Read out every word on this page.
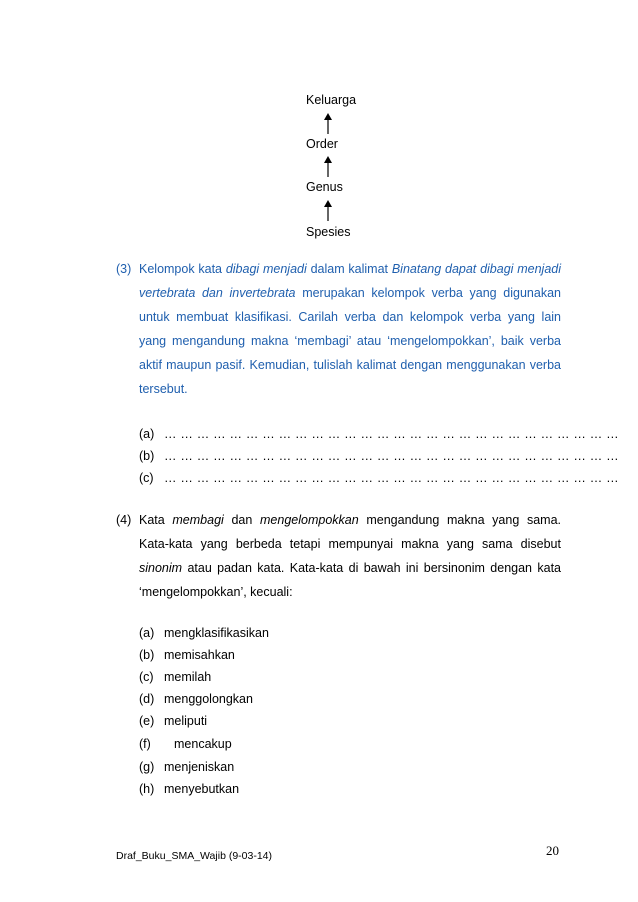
Keluarga
Order
Genus
Spesies
(3) Kelompok kata dibagi menjadi dalam kalimat Binatang dapat dibagi menjadi vertebrata dan invertebrata merupakan kelompok verba yang digunakan untuk membuat klasifikasi. Carilah verba dan kelompok verba yang lain yang mengandung makna ‘membagi’ atau ‘mengelompokkan’, baik verba aktif maupun pasif. Kemudian, tulislah kalimat dengan menggunakan verba tersebut.
(a) … … … … … … … … … … … … … … … … … … … … … … … … … … … …
(b) … … … … … … … … … … … … … … … … … … … … … … … … … … … …
(c) … … … … … … … … … … … … … … … … … … … … … … … … … … … …
(4) Kata membagi dan mengelompokkan mengandung makna yang sama. Kata-kata yang berbeda tetapi mempunyai makna yang sama disebut sinonim atau padan kata. Kata-kata di bawah ini bersinonim dengan kata ‘mengelompokkan’, kecuali:
(a) mengklasifikasikan
(b) memisahkan
(c) memilah
(d) menggolongkan
(e) meliputi
(f) mencakup
(g) menjeniskan
(h) menyebutkan
Draf_Buku_SMA_Wajib (9-03-14)	20
